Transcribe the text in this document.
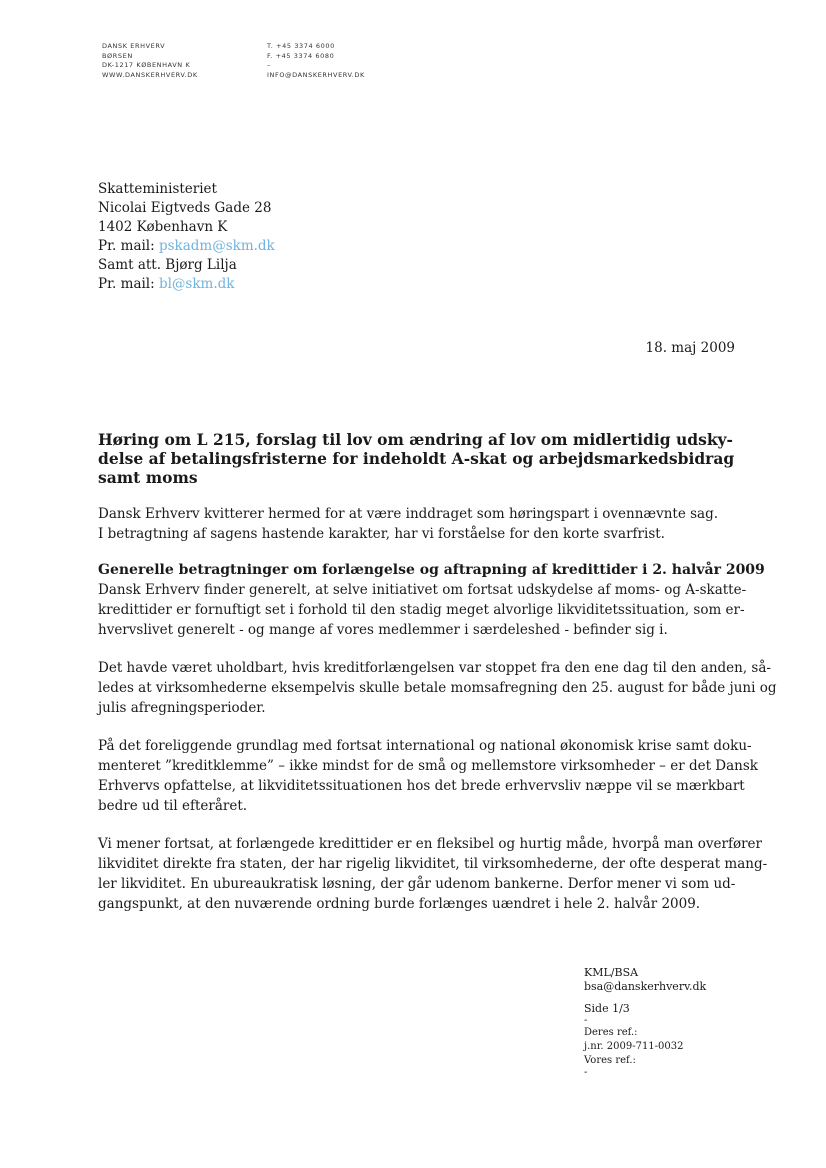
DANSK ERHVERV
BØRSEN
DK-1217 KØBENHAVN K
WWW.DANSKERHVERV.DK
T. +45 3374 6000
F. +45 3374 6080
–
INFO@DANSKERHVERV.DK
Skatteministeriet
Nicolai Eigtveds Gade 28
1402 København K
Pr. mail: pskadm@skm.dk
Samt att. Bjørg Lilja
Pr. mail: bl@skm.dk
18. maj 2009
Høring om L 215, forslag til lov om ændring af lov om midlertidig udsky-
delse af betalingsfristerne for indeholdt A-skat og arbejdsmarkedsbidrag
samt moms

Dansk Erhverv kvitterer hermed for at være inddraget som høringspart i ovennævnte sag.
I betragtning af sagens hastende karakter, har vi forståelse for den korte svarfrist.

Generelle betragtninger om forlængelse og aftrapning af kredittider i 2. halvår 2009

Dansk Erhverv finder generelt, at selve initiativet om fortsat udskydelse af moms- og A-skatte-
kredittider er fornuftigt set i forhold til den stadig meget alvorlige likviditetssituation, som er-
hvervslivet generelt - og mange af vores medlemmer i særdeleshed - befinder sig i.

Det havde været uholdbart, hvis kreditforlængelsen var stoppet fra den ene dag til den anden, så-
ledes at virksomhederne eksempelvis skulle betale momsafregning den 25. august for både juni og
julis afregningsperioder.

På det foreliggende grundlag med fortsat international og national økonomisk krise samt doku-
menteret ”kreditklemme” – ikke mindst for de små og mellemstore virksomheder – er det Dansk
Erhvervs opfattelse, at likviditetssituationen hos det brede erhvervsliv næppe vil se mærkbart
bedre ud til efteråret.

Vi mener fortsat, at forlængede kredittider er en fleksibel og hurtig måde, hvorpå man overfører
likviditet direkte fra staten, der har rigelig likviditet, til virksomhederne, der ofte desperat mang-
ler likviditet. En ubureaukratisk løsning, der går udenom bankerne. Derfor mener vi som ud-
gangspunkt, at den nuværende ordning burde forlænges uændret i hele 2. halvår 2009.

KML/BSA
bsa@danskerhverv.dk
Side 1/3
-
Deres ref.:
j.nr. 2009-711-0032
Vores ref.:
-
